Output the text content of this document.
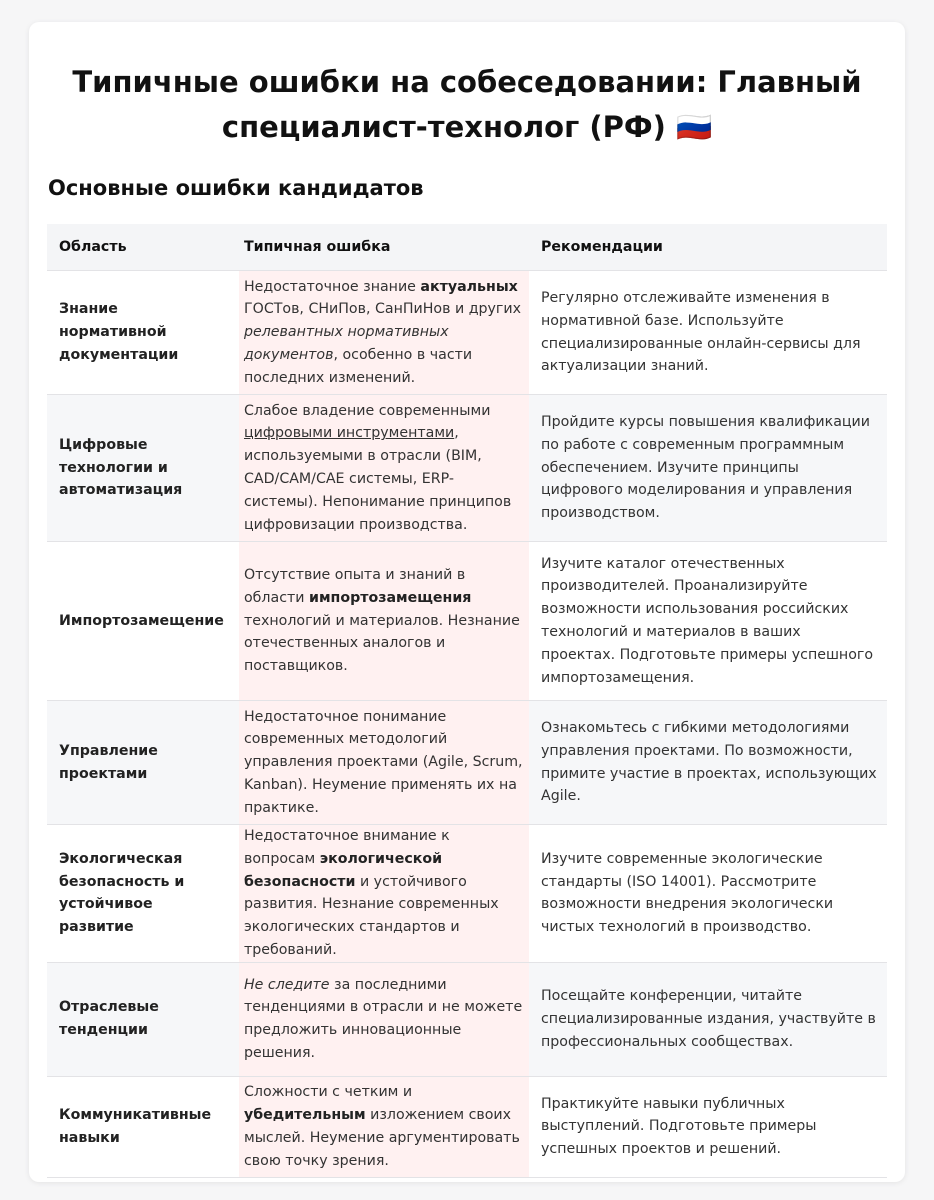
Типичные ошибки на собеседовании: Главный специалист-технолог (РФ) 🇷🇺
Основные ошибки кандидатов
Область	Типичная ошибка	Рекомендации
Знание нормативной документации	Недостаточное знание актуальных ГОСТов, СНиПов, СанПиНов и других релевантных нормативных документов, особенно в части последних изменений.	Регулярно отслеживайте изменения в нормативной базе. Используйте специализированные онлайн-сервисы для актуализации знаний.
Цифровые технологии и автоматизация	Слабое владение современными цифровыми инструментами, используемыми в отрасли (BIM, CAD/CAM/CAE системы, ERP-системы). Непонимание принципов цифровизации производства.	Пройдите курсы повышения квалификации по работе с современным программным обеспечением. Изучите принципы цифрового моделирования и управления производством.
Импортозамещение	Отсутствие опыта и знаний в области импортозамещения технологий и материалов. Незнание отечественных аналогов и поставщиков.	Изучите каталог отечественных производителей. Проанализируйте возможности использования российских технологий и материалов в ваших проектах. Подготовьте примеры успешного импортозамещения.
Управление проектами	Недостаточное понимание современных методологий управления проектами (Agile, Scrum, Kanban). Неумение применять их на практике.	Ознакомьтесь с гибкими методологиями управления проектами. По возможности, примите участие в проектах, использующих Agile.
Экологическая безопасность и устойчивое развитие	Недостаточное внимание к вопросам экологической безопасности и устойчивого развития. Незнание современных экологических стандартов и требований.	Изучите современные экологические стандарты (ISO 14001). Рассмотрите возможности внедрения экологически чистых технологий в производство.
Отраслевые тенденции	Не следите за последними тенденциями в отрасли и не можете предложить инновационные решения.	Посещайте конференции, читайте специализированные издания, участвуйте в профессиональных сообществах.
Коммуникативные навыки	Сложности с четким и убедительным изложением своих мыслей. Неумение аргументировать свою точку зрения.	Практикуйте навыки публичных выступлений. Подготовьте примеры успешных проектов и решений.
